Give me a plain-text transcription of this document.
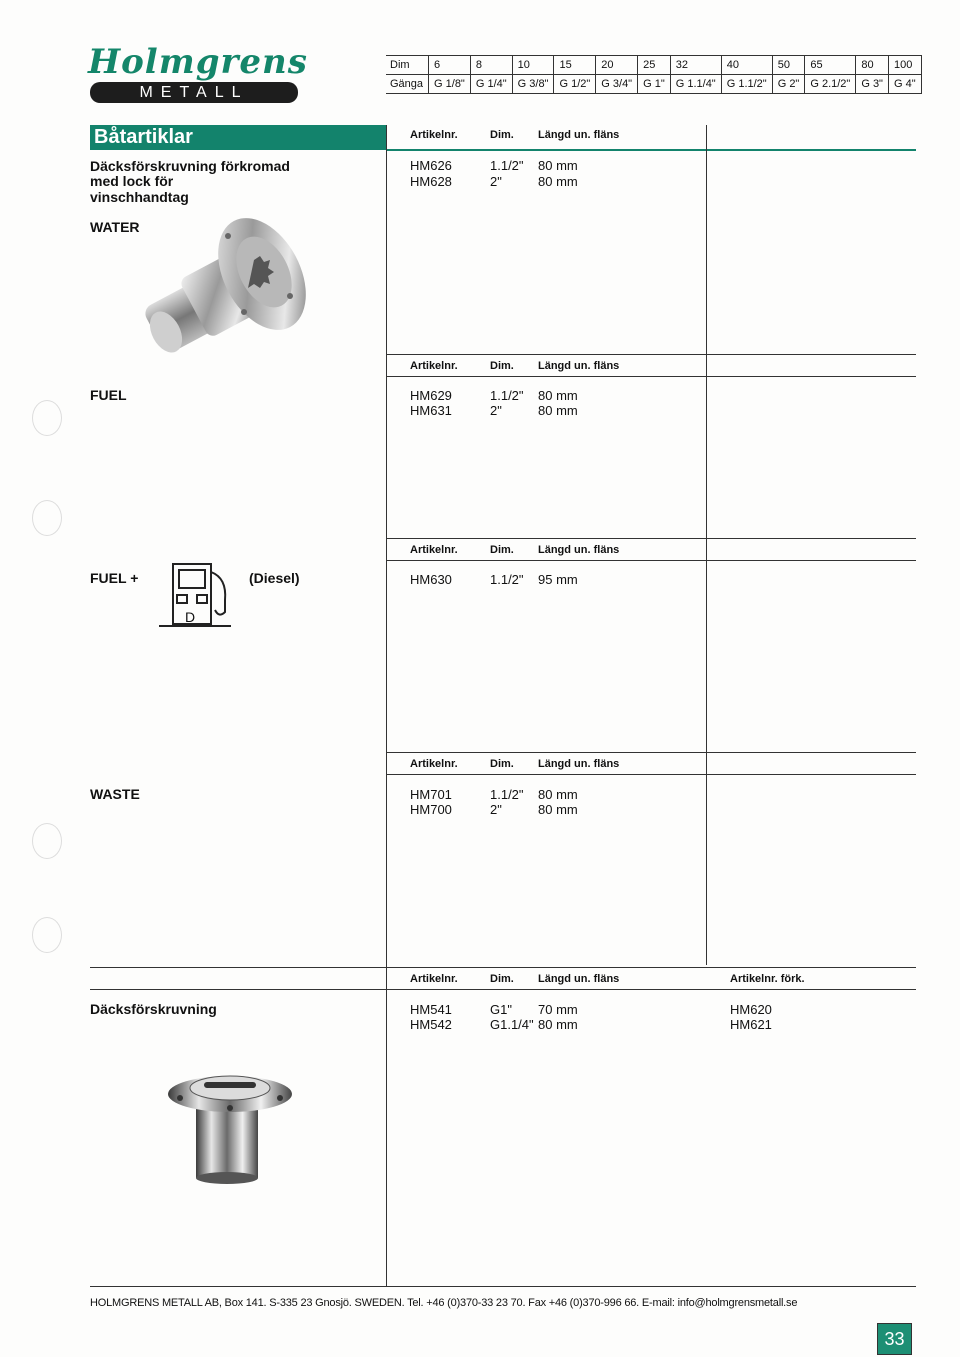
Holmgrens
METALL
Dim	6	8	10	15	20	25	32	40	50	65	80	100
Gänga	G 1/8"	G 1/4"	G 3/8"	G 1/2"	G 3/4"	G 1"	G 1.1/4"	G 1.1/2"	G 2"	G 2.1/2"	G 3"	G 4"
Båtartiklar	Artikelnr.	Dim. Längd un. fläns
Däcksförskruvning förkromad
med lock för
vinschhandtag
WATER
HM626	1.1/2" 80 mm
HM628	2"	80 mm
Artikelnr.	Dim. Längd un. fläns
FUEL	HM629	1.1/2" 80 mm
HM631	2"	80 mm
Artikelnr.	Dim. Längd un. fläns
FUEL +
D
(Diesel)	HM630	1.1/2" 95 mm
Artikelnr.	Dim. Längd un. fläns
WASTE	HM701	1.1/2" 80 mm
HM700	2"	80 mm
Artikelnr.	Dim. Längd un. fläns	Artikelnr. förk.
Däcksförskruvning	HM541	G1" 70 mm	HM620
HM542	G1.1/4" 80 mm	HM621
HOLMGRENS METALL AB, Box 141. S-335 23 Gnosjö. SWEDEN. Tel. +46 (0)370-33 23 70. Fax +46 (0)370-996 66. E-mail: info@holmgrensmetall.se
33
